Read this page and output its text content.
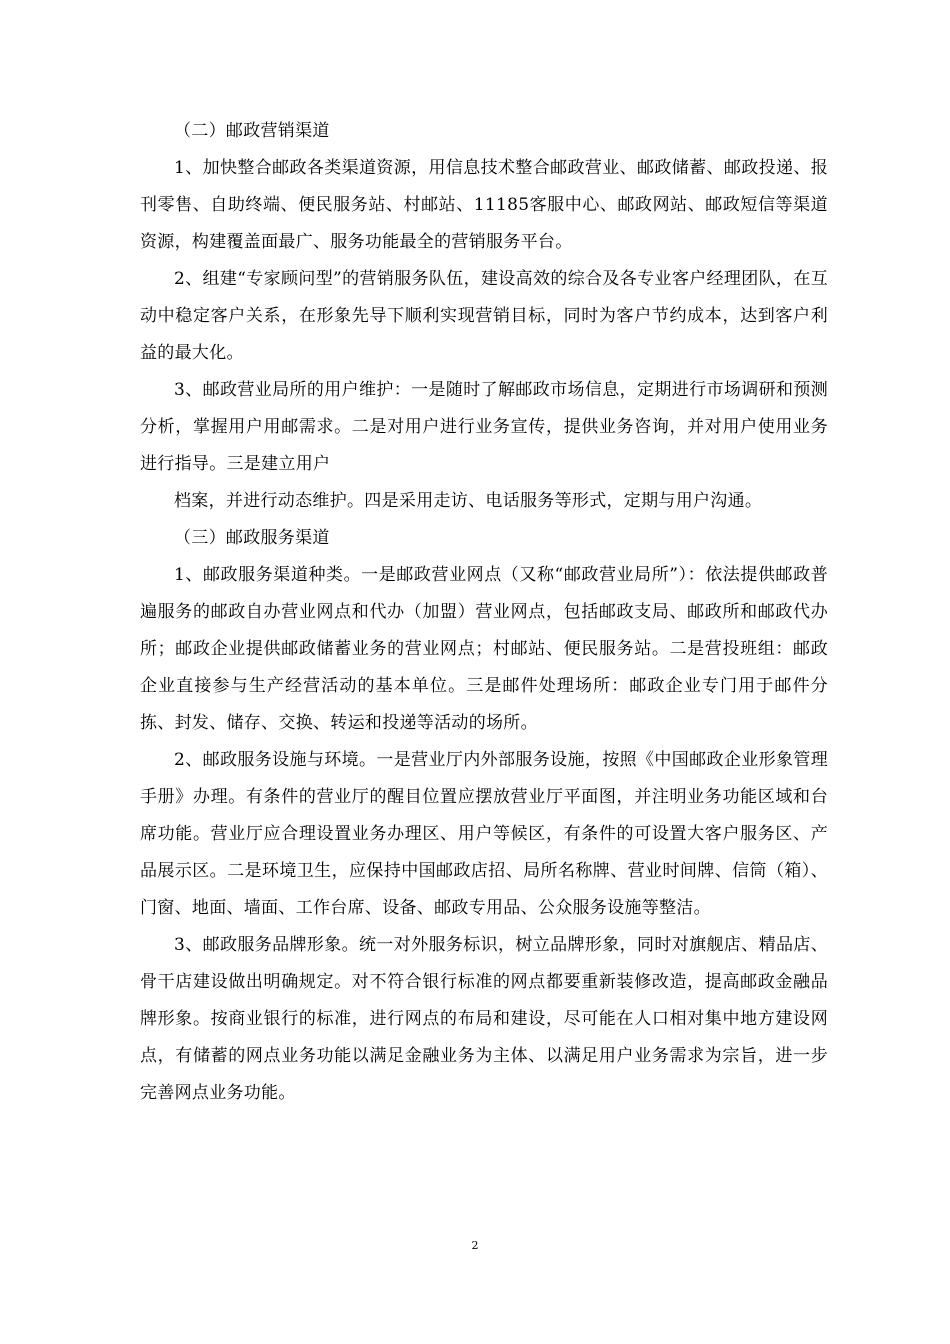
（二）邮政营销渠道

1、加快整合邮政各类渠道资源，用信息技术整合邮政营业、邮政储蓄、邮政投递、报刊零售、自助终端、便民服务站、村邮站、11185客服中心、邮政网站、邮政短信等渠道资源，构建覆盖面最广、服务功能最全的营销服务平台。

2、组建“专家顾问型”的营销服务队伍，建设高效的综合及各专业客户经理团队，在互动中稳定客户关系，在形象先导下顺利实现营销目标，同时为客户节约成本，达到客户利益的最大化。

3、邮政营业局所的用户维护：一是随时了解邮政市场信息，定期进行市场调研和预测分析，掌握用户用邮需求。二是对用户进行业务宣传，提供业务咨询，并对用户使用业务进行指导。三是建立用户

档案，并进行动态维护。四是采用走访、电话服务等形式，定期与用户沟通。

（三）邮政服务渠道

1、邮政服务渠道种类。一是邮政营业网点（又称“邮政营业局所”）：依法提供邮政普遍服务的邮政自办营业网点和代办（加盟）营业网点，包括邮政支局、邮政所和邮政代办所；邮政企业提供邮政储蓄业务的营业网点；村邮站、便民服务站。二是营投班组：邮政企业直接参与生产经营活动的基本单位。三是邮件处理场所：邮政企业专门用于邮件分拣、封发、储存、交换、转运和投递等活动的场所。

2、邮政服务设施与环境。一是营业厅内外部服务设施，按照《中国邮政企业形象管理手册》办理。有条件的营业厅的醒目位置应摆放营业厅平面图，并注明业务功能区域和台席功能。营业厅应合理设置业务办理区、用户等候区，有条件的可设置大客户服务区、产品展示区。二是环境卫生，应保持中国邮政店招、局所名称牌、营业时间牌、信筒（箱）、门窗、地面、墙面、工作台席、设备、邮政专用品、公众服务设施等整洁。

3、邮政服务品牌形象。统一对外服务标识，树立品牌形象，同时对旗舰店、精品店、骨干店建设做出明确规定。对不符合银行标准的网点都要重新装修改造，提高邮政金融品牌形象。按商业银行的标准，进行网点的布局和建设，尽可能在人口相对集中地方建设网点，有储蓄的网点业务功能以满足金融业务为主体、以满足用户业务需求为宗旨，进一步完善网点业务功能。

2
